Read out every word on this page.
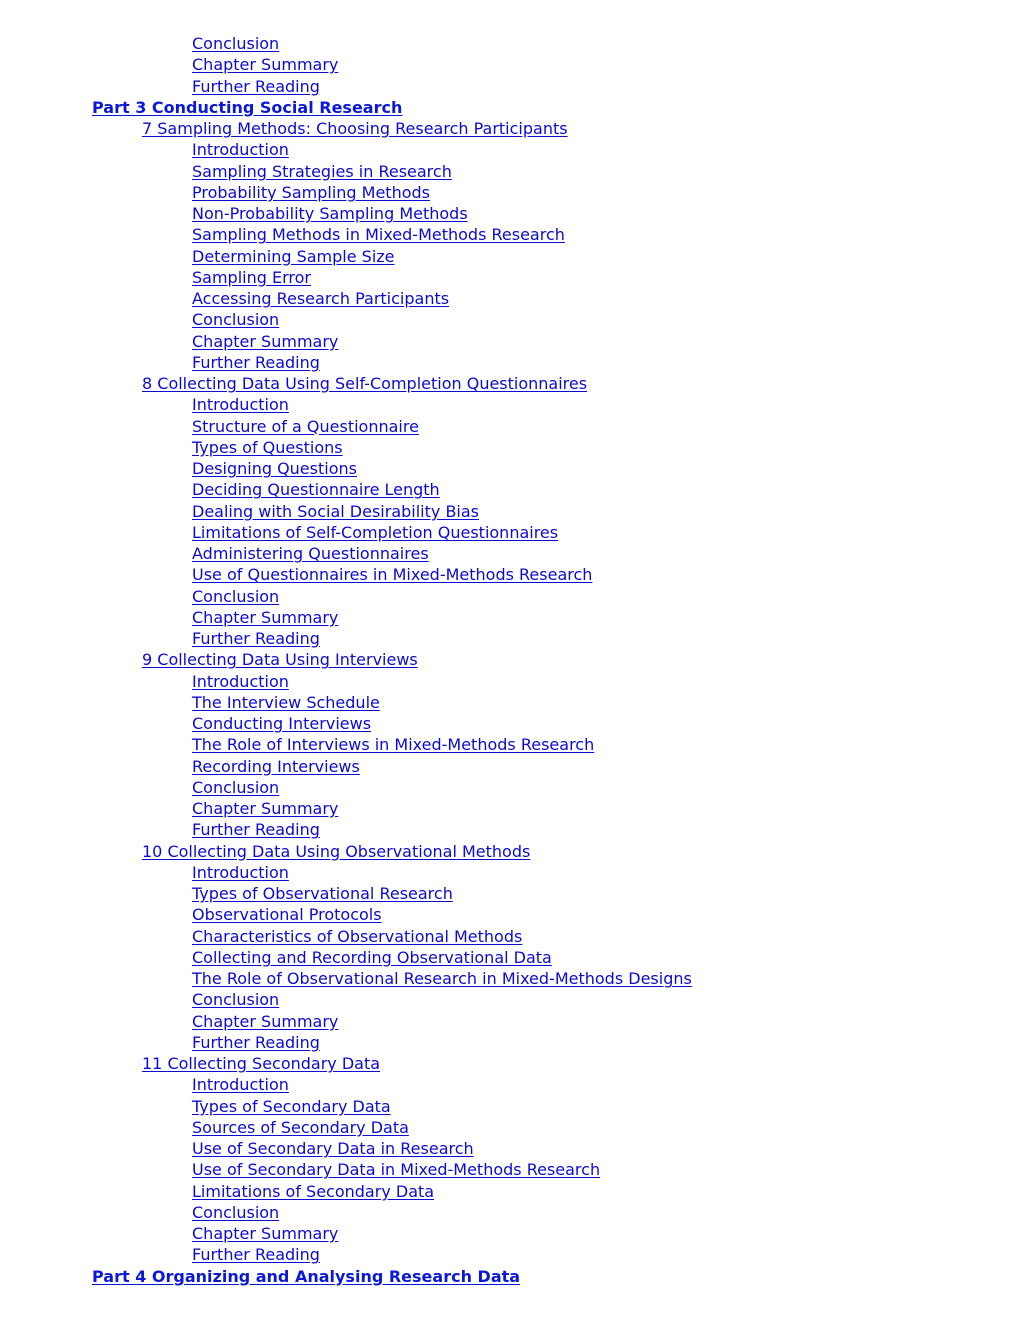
Conclusion
Chapter Summary
Further Reading
Part 3 Conducting Social Research
7 Sampling Methods: Choosing Research Participants
Introduction
Sampling Strategies in Research
Probability Sampling Methods
Non-Probability Sampling Methods
Sampling Methods in Mixed-Methods Research
Determining Sample Size
Sampling Error
Accessing Research Participants
Conclusion
Chapter Summary
Further Reading
8 Collecting Data Using Self-Completion Questionnaires
Introduction
Structure of a Questionnaire
Types of Questions
Designing Questions
Deciding Questionnaire Length
Dealing with Social Desirability Bias
Limitations of Self-Completion Questionnaires
Administering Questionnaires
Use of Questionnaires in Mixed-Methods Research
Conclusion
Chapter Summary
Further Reading
9 Collecting Data Using Interviews
Introduction
The Interview Schedule
Conducting Interviews
The Role of Interviews in Mixed-Methods Research
Recording Interviews
Conclusion
Chapter Summary
Further Reading
10 Collecting Data Using Observational Methods
Introduction
Types of Observational Research
Observational Protocols
Characteristics of Observational Methods
Collecting and Recording Observational Data
The Role of Observational Research in Mixed-Methods Designs
Conclusion
Chapter Summary
Further Reading
11 Collecting Secondary Data
Introduction
Types of Secondary Data
Sources of Secondary Data
Use of Secondary Data in Research
Use of Secondary Data in Mixed-Methods Research
Limitations of Secondary Data
Conclusion
Chapter Summary
Further Reading
Part 4 Organizing and Analysing Research Data
